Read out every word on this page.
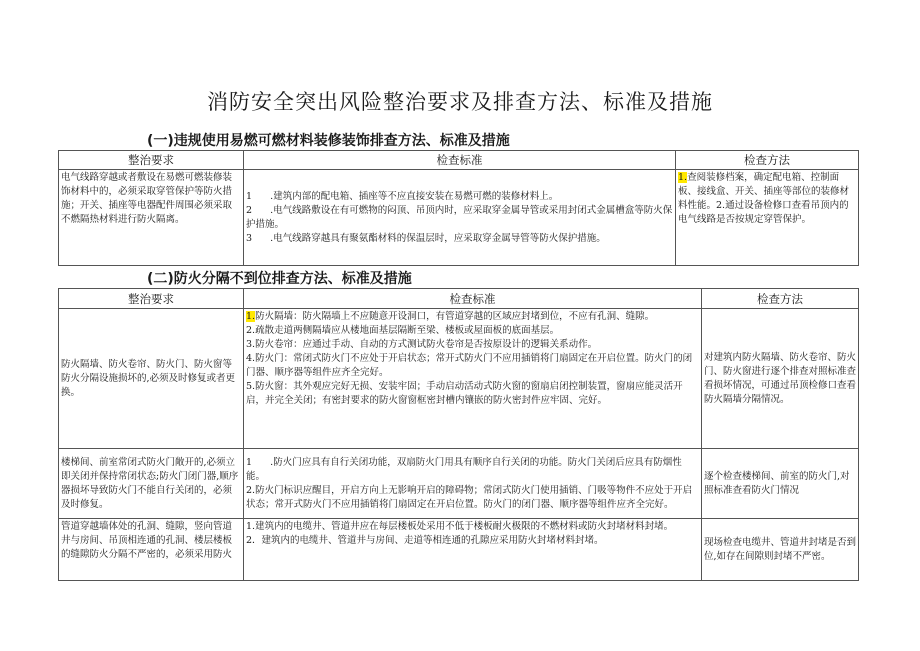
消防安全突出风险整治要求及排查方法、标准及措施
(一)违规使用易燃可燃材料装修装饰排查方法、标准及措施
整治要求	检查标准	检查方法
电气线路穿越或者敷设在易燃可燃装修装饰材料中的，必须采取穿管保护等防火措施；开关、插座等电器配件周围必须采取不燃隔热材料进行防火隔离。	1	.建筑内部的配电箱、插座等不应直接安装在易燃可燃的装修材料上。

2	.电气线路敷设在有可燃物的闷顶、吊顶内时，应采取穿金属导管或采用封闭式金属槽盒等防火保护措施。

3	.电气线路穿越具有聚氨酯材料的保温层时，应采取穿金属导管等防火保护措施。	1.查阅装修档案，确定配电箱、控制面板、接线盒、开关、插座等部位的装修材料性能。2.通过设备检修口查看吊顶内的电气线路是否按规定穿管保护。
(二)防火分隔不到位排查方法、标准及措施
整治要求	检查标准	检查方法
防火隔墙、防火卷帘、防火门、防火窗等防火分隔设施损坏的,必须及时修复或者更换。	1.防火隔墙：防火隔墙上不应随意开设洞口，有管道穿越的区域应封堵到位，不应有孔洞、缝隙。

2.疏散走道两侧隔墙应从楼地面基层隔断至梁、楼板或屋面板的底面基层。

3.防火卷帘：应通过手动、自动的方式测试防火卷帘是否按原设计的逻辑关系动作。

4.防火门：常闭式防火门不应处于开启状态；常开式防火门不应用插销将门扇固定在开启位置。防火门的闭门器、顺序器等组件应齐全完好。

5.防火窗：其外观应完好无损、安装牢固；手动启动活动式防火窗的窗扇启闭控制装置，窗扇应能灵活开启，并完全关闭；有密封要求的防火窗窗框密封槽内镶嵌的防火密封件应牢固、完好。	对建筑内防火隔墙、防火卷帘、防火门、防火窗进行逐个排查对照标准查看损坏情况，可通过吊顶检修口查看防火隔墙分隔情况。
楼梯间、前室常闭式防火门敞开的,必须立即关闭并保持常闭状态;防火门闭门器,顺序器损坏导致防火门不能自行关闭的，必须及时修复。	1	.防火门应具有自行关闭功能，双扇防火门用具有顺序自行关闭的功能。防火门关闭后应具有防烟性能。

2.防火门标识应醒目，开启方向上无影响开启的障碍物；常闭式防火门使用插销、门吸等物件不应处于开启状态；常开式防火门不应用插销将门扇固定在开启位置。防火门的闭门器、顺序器等组件应齐全完好。	逐个检查楼梯间、前室的防火门,对照标准查看防火门情况
管道穿越墙体处的孔洞、缝隙，竖向管道井与房间、吊顶相连通的孔洞、楼层楼板的缝隙防火分隔不严密的，必须采用防火	1.建筑内的电缆井、管道井应在每层楼板处采用不低于楼板耐火极限的不燃材料或防火封堵材料封堵。

2．建筑内的电缆井、管道井与房间、走道等相连通的孔隙应采用防火封堵材料封堵。	现场检查电缆井、管道井封堵是否到位,如存在间隙则封堵不严密。
